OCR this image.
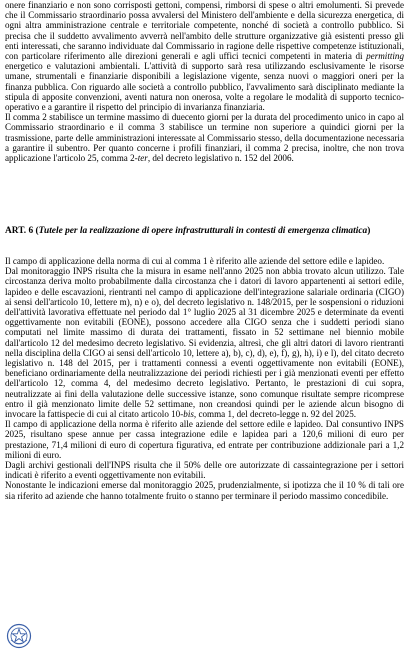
onere finanziario e non sono corrisposti gettoni, compensi, rimborsi di spese o altri emolumenti. Si prevede che il Commissario straordinario possa avvalersi del Ministero dell'ambiente e della sicurezza energetica, di ogni altra amministrazione centrale e territoriale competente, nonché di società a controllo pubblico. Si precisa che il suddetto avvalimento avverrà nell'ambito delle strutture organizzative già esistenti presso gli enti interessati, che saranno individuate dal Commissario in ragione delle rispettive competenze istituzionali, con particolare riferimento alle direzioni generali e agli uffici tecnici competenti in materia di permitting energetico e valutazioni ambientali. L'attività di supporto sarà resa utilizzando esclusivamente le risorse umane, strumentali e finanziarie disponibili a legislazione vigente, senza nuovi o maggiori oneri per la finanza pubblica. Con riguardo alle società a controllo pubblico, l'avvalimento sarà disciplinato mediante la stipula di apposite convenzioni, aventi natura non onerosa, volte a regolare le modalità di supporto tecnico-operativo e a garantire il rispetto del principio di invarianza finanziaria.

Il comma 2 stabilisce un termine massimo di duecento giorni per la durata del procedimento unico in capo al Commissario straordinario e il comma 3 stabilisce un termine non superiore a quindici giorni per la trasmissione, parte delle amministrazioni interessate al Commissario stesso, della documentazione necessaria a garantire il subentro. Per quanto concerne i profili finanziari, il comma 2 precisa, inoltre, che non trova applicazione l'articolo 25, comma 2-ter, del decreto legislativo n. 152 del 2006.

ART. 6 (Tutele per la realizzazione di opere infrastrutturali in contesti di emergenza climatica)

Il campo di applicazione della norma di cui al comma 1 è riferito alle aziende del settore edile e lapideo.

Dal monitoraggio INPS risulta che la misura in esame nell'anno 2025 non abbia trovato alcun utilizzo. Tale circostanza deriva molto probabilmente dalla circostanza che i datori di lavoro appartenenti ai settori edile, lapideo e delle escavazioni, rientranti nel campo di applicazione dell'integrazione salariale ordinaria (CIGO) ai sensi dell'articolo 10, lettere m), n) e o), del decreto legislativo n. 148/2015, per le sospensioni o riduzioni dell'attività lavorativa effettuate nel periodo dal 1° luglio 2025 al 31 dicembre 2025 e determinate da eventi oggettivamente non evitabili (EONE), possono accedere alla CIGO senza che i suddetti periodi siano computati nel limite massimo di durata dei trattamenti, fissato in 52 settimane nel biennio mobile dall'articolo 12 del medesimo decreto legislativo. Si evidenzia, altresì, che gli altri datori di lavoro rientranti nella disciplina della CIGO ai sensi dell'articolo 10, lettere a), b), c), d), e), f), g), h), i) e l), del citato decreto legislativo n. 148 del 2015, per i trattamenti connessi a eventi oggettivamente non evitabili (EONE), beneficiano ordinariamente della neutralizzazione dei periodi richiesti per i già menzionati eventi per effetto dell'articolo 12, comma 4, del medesimo decreto legislativo. Pertanto, le prestazioni di cui sopra, neutralizzate ai fini della valutazione delle successive istanze, sono comunque risultate sempre ricomprese entro il già menzionato limite delle 52 settimane, non creandosi quindi per le aziende alcun bisogno di invocare la fattispecie di cui al citato articolo 10-bis, comma 1, del decreto-legge n. 92 del 2025.

Il campo di applicazione della norma è riferito alle aziende del settore edile e lapideo. Dal consuntivo INPS 2025, risultano spese annue per cassa integrazione edile e lapidea pari a 120,6 milioni di euro per prestazione, 71,4 milioni di euro di copertura figurativa, ed entrate per contribuzione addizionale pari a 1,2 milioni di euro.

Dagli archivi gestionali dell'INPS risulta che il 50% delle ore autorizzate di cassaintegrazione per i settori indicati è riferito a eventi oggettivamente non evitabili.

Nonostante le indicazioni emerse dal monitoraggio 2025, prudenzialmente, si ipotizza che il 10 % di tali ore sia riferito ad aziende che hanno totalmente fruito o stanno per terminare il periodo massimo concedibile.
